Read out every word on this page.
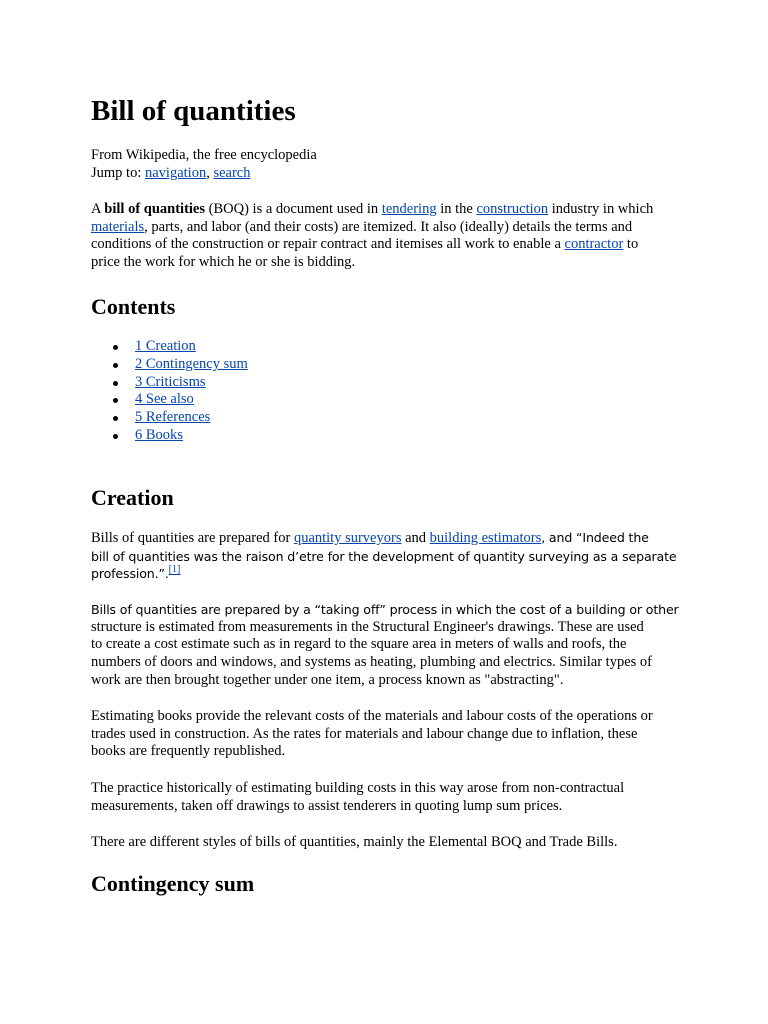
Bill of quantities
From Wikipedia, the free encyclopedia
Jump to: navigation, search
A bill of quantities (BOQ) is a document used in tendering in the construction industry in which
materials, parts, and labor (and their costs) are itemized. It also (ideally) details the terms and
conditions of the construction or repair contract and itemises all work to enable a contractor to
price the work for which he or she is bidding.
Contents
1 Creation
2 Contingency sum
3 Criticisms
4 See also
5 References
6 Books
Creation
Bills of quantities are prepared for quantity surveyors and building estimators, and “Indeed the
bill of quantities was the raison d’etre for the development of quantity surveying as a separate
profession.”.[1]
Bills of quantities are prepared by a “taking off” process in which the cost of a building or other
structure is estimated from measurements in the Structural Engineer's drawings. These are used
to create a cost estimate such as in regard to the square area in meters of walls and roofs, the
numbers of doors and windows, and systems as heating, plumbing and electrics. Similar types of
work are then brought together under one item, a process known as "abstracting".
Estimating books provide the relevant costs of the materials and labour costs of the operations or
trades used in construction. As the rates for materials and labour change due to inflation, these
books are frequently republished.
The practice historically of estimating building costs in this way arose from non-contractual
measurements, taken off drawings to assist tenderers in quoting lump sum prices.
There are different styles of bills of quantities, mainly the Elemental BOQ and Trade Bills.
Contingency sum
